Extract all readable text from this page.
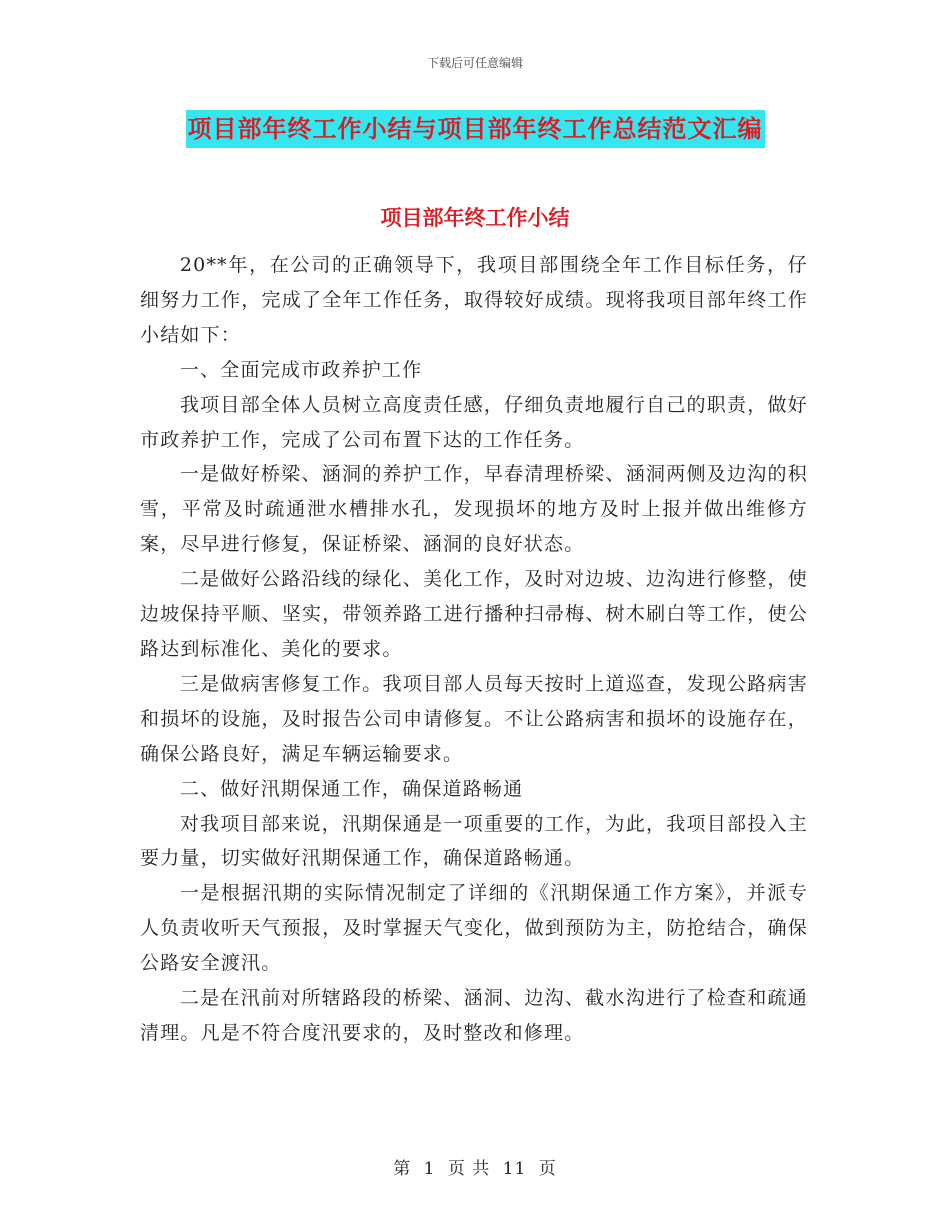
下载后可任意编辑
项目部年终工作小结与项目部年终工作总结范文汇编
项目部年终工作小结

20**年，在公司的正确领导下，我项目部围绕全年工作目标任务，仔细努力工作，完成了全年工作任务，取得较好成绩。现将我项目部年终工作小结如下：

一、全面完成市政养护工作

我项目部全体人员树立高度责任感，仔细负责地履行自己的职责，做好市政养护工作，完成了公司布置下达的工作任务。

一是做好桥梁、涵洞的养护工作，早春清理桥梁、涵洞两侧及边沟的积雪，平常及时疏通泄水槽排水孔，发现损坏的地方及时上报并做出维修方案，尽早进行修复，保证桥梁、涵洞的良好状态。

二是做好公路沿线的绿化、美化工作，及时对边坡、边沟进行修整，使边坡保持平顺、坚实，带领养路工进行播种扫帚梅、树木刷白等工作，使公路达到标准化、美化的要求。

三是做病害修复工作。我项目部人员每天按时上道巡查，发现公路病害和损坏的设施，及时报告公司申请修复。不让公路病害和损坏的设施存在，确保公路良好，满足车辆运输要求。

二、做好汛期保通工作，确保道路畅通

对我项目部来说，汛期保通是一项重要的工作，为此，我项目部投入主要力量，切实做好汛期保通工作，确保道路畅通。

一是根据汛期的实际情况制定了详细的《汛期保通工作方案》，并派专人负责收听天气预报，及时掌握天气变化，做到预防为主，防抢结合，确保公路安全渡汛。

二是在汛前对所辖路段的桥梁、涵洞、边沟、截水沟进行了检查和疏通清理。凡是不符合度汛要求的，及时整改和修理。

第 1 页 共 11 页
